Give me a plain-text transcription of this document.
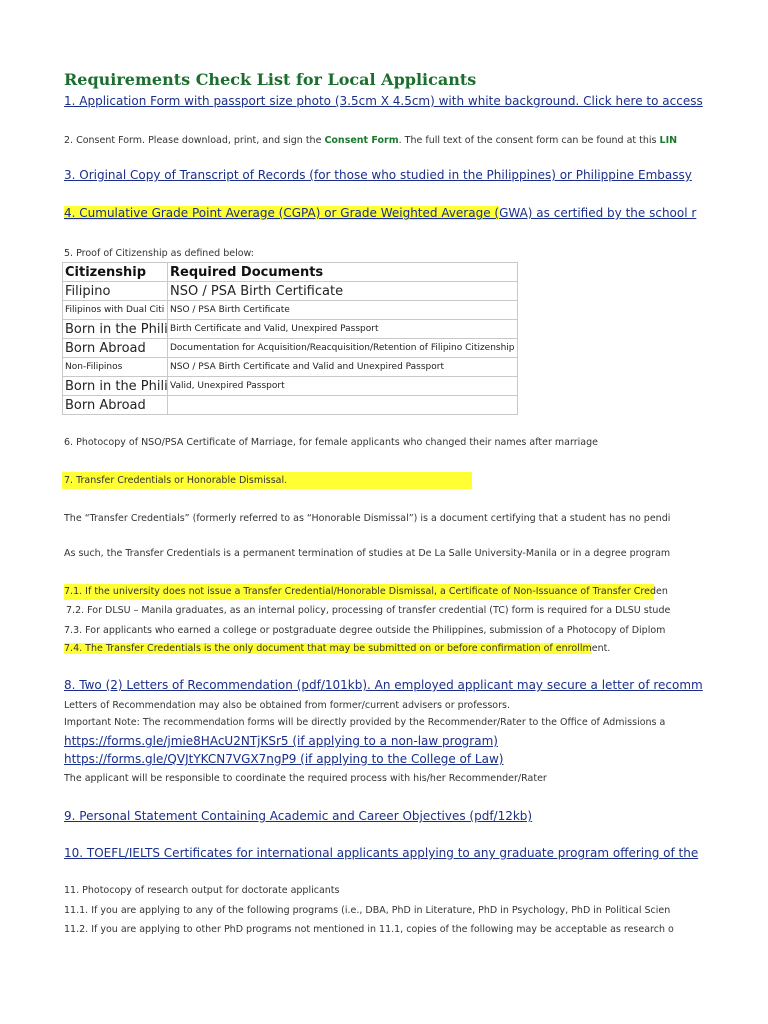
Requirements Check List for Local Applicants
1. Application Form with passport size photo (3.5cm X 4.5cm) with white background. Click here to access
2. Consent Form. Please download, print, and sign the Consent Form. The full text of the consent form can be found at this LIN
3. Original Copy of Transcript of Records (for those who studied in the Philippines) or Philippine Embassy
4. Cumulative Grade Point Average (CGPA) or Grade Weighted Average (GWA) as certified by the school r
5. Proof of Citizenship as defined below:
Citizenship	Required Documents
Filipino	NSO / PSA Birth Certificate
Filipinos with Dual Citi	NSO / PSA Birth Certificate
Born in the Phili	Birth Certificate and Valid, Unexpired Passport
Born Abroad	Documentation for Acquisition/Reacquisition/Retention of Filipino Citizenship
Non-Filipinos	NSO / PSA Birth Certificate and Valid and Unexpired Passport
Born in the Phili	Valid, Unexpired Passport
Born Abroad	
6. Photocopy of NSO/PSA Certificate of Marriage, for female applicants who changed their names after marriage
7. Transfer Credentials or Honorable Dismissal.
The “Transfer Credentials” (formerly referred to as “Honorable Dismissal”) is a document certifying that a student has no pendi
As such, the Transfer Credentials is a permanent termination of studies at De La Salle University-Manila or in a degree program
7.1. If the university does not issue a Transfer Credential/Honorable Dismissal, a Certificate of Non-Issuance of Transfer Creden
7.2. For DLSU – Manila graduates, as an internal policy, processing of transfer credential (TC) form is required for a DLSU stude
7.3. For applicants who earned a college or postgraduate degree outside the Philippines, submission of a Photocopy of Diplom
7.4. The Transfer Credentials is the only document that may be submitted on or before confirmation of enrollment.
8. Two (2) Letters of Recommendation (pdf/101kb). An employed applicant may secure a letter of recomm
Letters of Recommendation may also be obtained from former/current advisers or professors.
Important Note: The recommendation forms will be directly provided by the Recommender/Rater to the Office of Admissions a
https://forms.gle/jmie8HAcU2NTjKSr5 (if applying to a non-law program)
https://forms.gle/QVJtYKCN7VGX7ngP9 (if applying to the College of Law)
The applicant will be responsible to coordinate the required process with his/her Recommender/Rater
9. Personal Statement Containing Academic and Career Objectives (pdf/12kb)
10. TOEFL/IELTS Certificates for international applicants applying to any graduate program offering of the
11. Photocopy of research output for doctorate applicants
11.1. If you are applying to any of the following programs (i.e., DBA, PhD in Literature, PhD in Psychology, PhD in Political Scien
11.2. If you are applying to other PhD programs not mentioned in 11.1, copies of the following may be acceptable as research o
